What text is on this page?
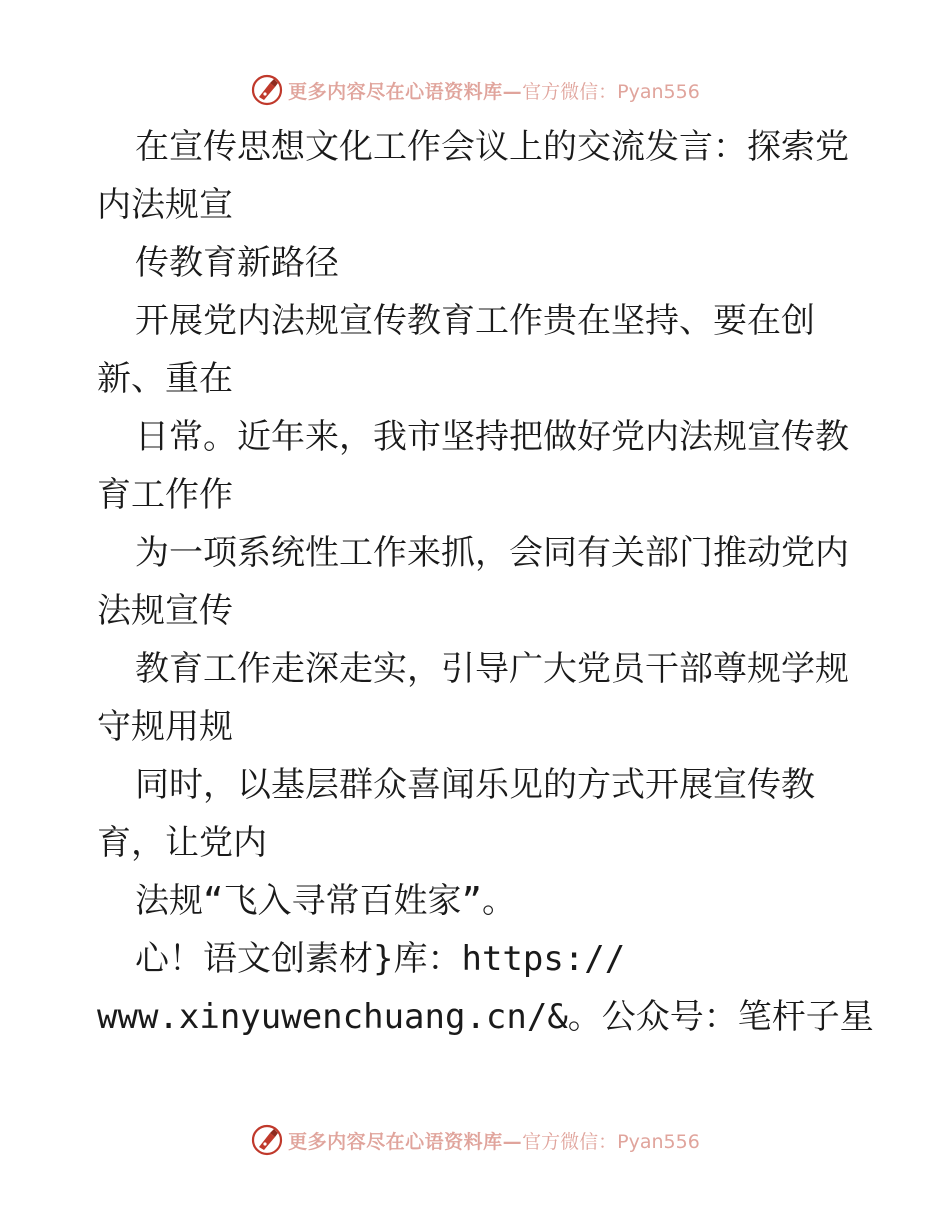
更多内容尽在心语资料库— 官方微信：Pyan556
在宣传思想文化工作会议上的交流发言：探索党
内法规宣
传教育新路径
开展党内法规宣传教育工作贵在坚持、要在创
新、重在
日常。近年来，我市坚持把做好党内法规宣传教
育工作作
为一项系统性工作来抓，会同有关部门推动党内
法规宣传
教育工作走深走实，引导广大党员干部尊规学规
守规用规
同时，以基层群众喜闻乐见的方式开展宣传教
育，让党内
法规“飞入寻常百姓家”。
心！语文创素材}库：https://
www.xinyuwenchuang.cn/&。公众号：笔杆子星
更多内容尽在心语资料库— 官方微信：Pyan556
